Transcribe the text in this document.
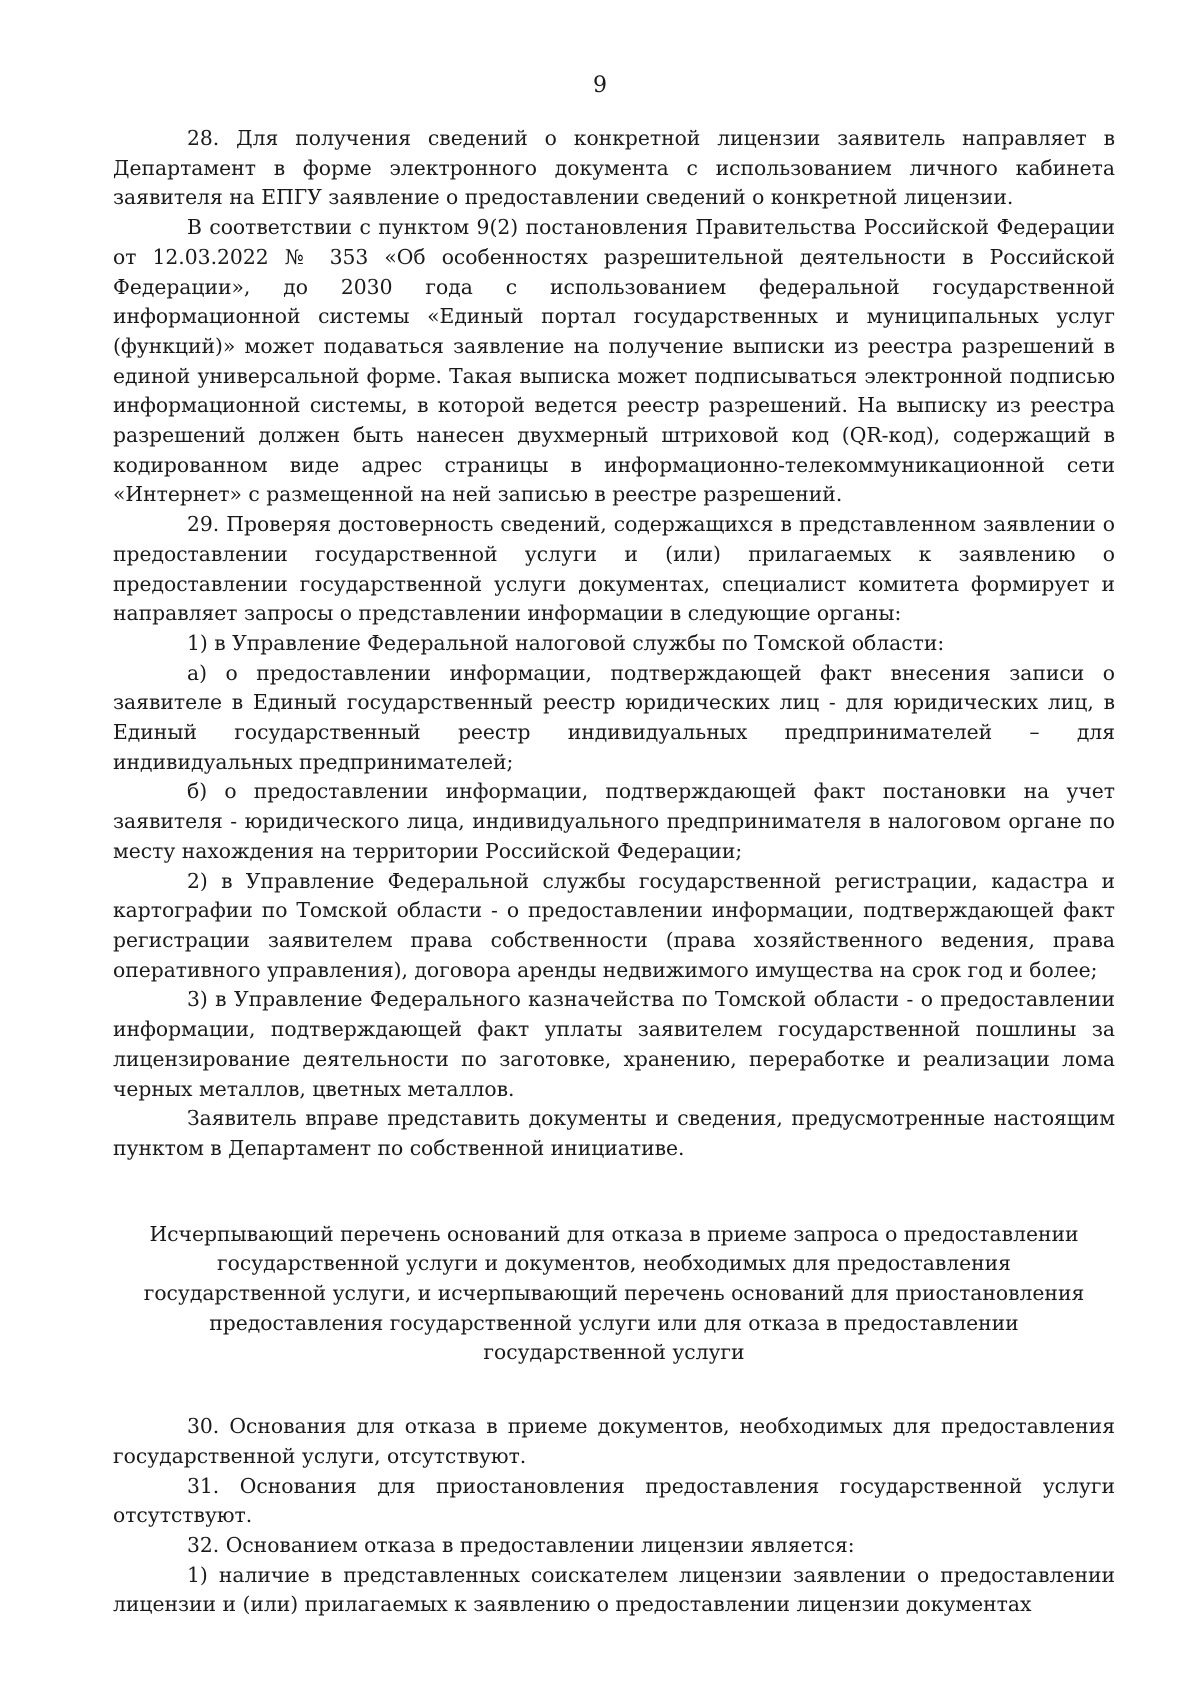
9

28. Для получения сведений о конкретной лицензии заявитель направляет в Департамент в форме электронного документа с использованием личного кабинета заявителя на ЕПГУ заявление о предоставлении сведений о конкретной лицензии.

В соответствии с пунктом 9(2) постановления Правительства Российской Федерации от 12.03.2022 № 353 «Об особенностях разрешительной деятельности в Российской Федерации», до 2030 года с использованием федеральной государственной информационной системы «Единый портал государственных и муниципальных услуг (функций)» может подаваться заявление на получение выписки из реестра разрешений в единой универсальной форме. Такая выписка может подписываться электронной подписью информационной системы, в которой ведется реестр разрешений. На выписку из реестра разрешений должен быть нанесен двухмерный штриховой код (QR-код), содержащий в кодированном виде адрес страницы в информационно-телекоммуникационной сети «Интернет» с размещенной на ней записью в реестре разрешений.

29. Проверяя достоверность сведений, содержащихся в представленном заявлении о предоставлении государственной услуги и (или) прилагаемых к заявлению о предоставлении государственной услуги документах, специалист комитета формирует и направляет запросы о представлении информации в следующие органы:

1) в Управление Федеральной налоговой службы по Томской области:

а) о предоставлении информации, подтверждающей факт внесения записи о заявителе в Единый государственный реестр юридических лиц - для юридических лиц, в Единый государственный реестр индивидуальных предпринимателей – для индивидуальных предпринимателей;

б) о предоставлении информации, подтверждающей факт постановки на учет заявителя - юридического лица, индивидуального предпринимателя в налоговом органе по месту нахождения на территории Российской Федерации;

2) в Управление Федеральной службы государственной регистрации, кадастра и картографии по Томской области - о предоставлении информации, подтверждающей факт регистрации заявителем права собственности (права хозяйственного ведения, права оперативного управления), договора аренды недвижимого имущества на срок год и более;

3) в Управление Федерального казначейства по Томской области - о предоставлении информации, подтверждающей факт уплаты заявителем государственной пошлины за лицензирование деятельности по заготовке, хранению, переработке и реализации лома черных металлов, цветных металлов.

Заявитель вправе представить документы и сведения, предусмотренные настоящим пунктом в Департамент по собственной инициативе.

Исчерпывающий перечень оснований для отказа в приеме запроса о предоставлении государственной услуги и документов, необходимых для предоставления государственной услуги, и исчерпывающий перечень оснований для приостановления предоставления государственной услуги или для отказа в предоставлении государственной услуги

30. Основания для отказа в приеме документов, необходимых для предоставления государственной услуги, отсутствуют.

31. Основания для приостановления предоставления государственной услуги отсутствуют.

32. Основанием отказа в предоставлении лицензии является:

1) наличие в представленных соискателем лицензии заявлении о предоставлении лицензии и (или) прилагаемых к заявлению о предоставлении лицензии документах
